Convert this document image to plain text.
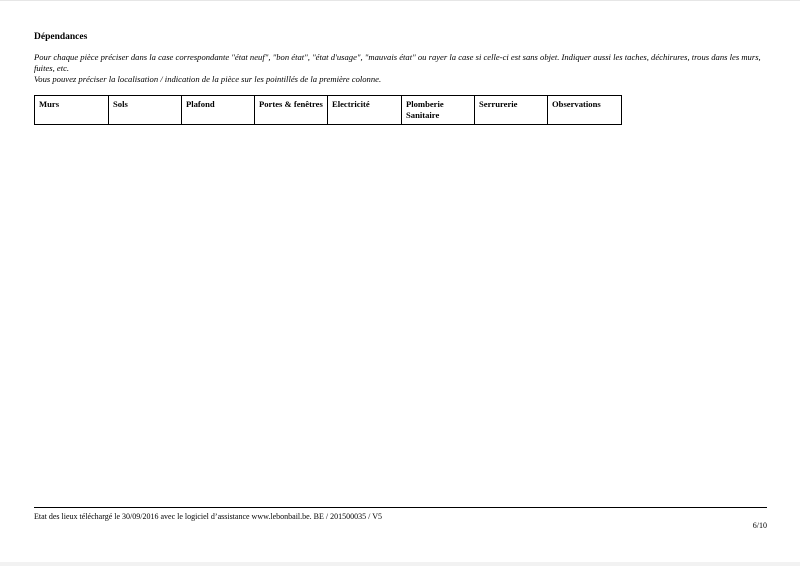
Dépendances

Pour chaque pièce préciser dans la case correspondante "état neuf", "bon état", "état d'usage", "mauvais état" ou rayer la case si celle-ci est sans objet. Indiquer aussi les taches, déchirures, trous dans les murs, fuites, etc.

Vous pouvez préciser la localisation / indication de la pièce sur les pointillés de la première colonne.

Murs	Sols	Plafond	Portes & fenêtres	Electricité	Plomberie Sanitaire	Serrurerie	Observations
Etat des lieux téléchargé le 30/09/2016 avec le logiciel d’assistance www.lebonbail.be. BE / 201500035 / V5
6/10
